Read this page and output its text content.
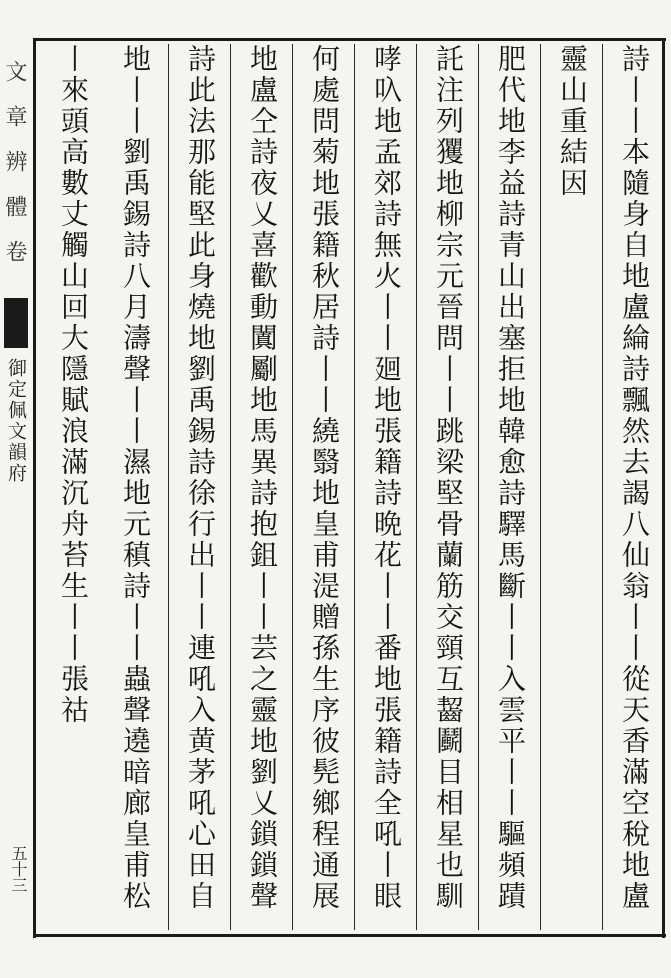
文 章 辨 體 卷
御定佩文韻府
五十三
詩丨丨本隨身自地盧綸詩飄然去謁八仙翁丨丨從天香滿空稅地盧
靈山重結因
肥代地李益詩青山出塞拒地韓愈詩驛馬斷丨丨入雲平丨丨驅頻蹟
託注列玃地柳宗元晉問丨丨跳梁堅骨蘭筋交頸互齧鬬目相星也馴
哮叺地孟郊詩無火丨丨廻地張籍詩晩花丨丨番地張籍詩全吼丨眼
何處問菊地張籍秋居詩丨丨繞翳地皇甫湜贈孫生序彼髡鄉程通展
地盧仝詩夜乂喜歡動闐劚地馬異詩抱鉏丨丨芸之靈地劉乂鎖鎖聲
詩此法那能堅此身燒地劉禹錫詩徐行出丨丨連吼入黄茅吼心田自
地丨丨劉禹錫詩八月濤聲丨丨濕地元稹詩丨丨蟲聲遶暗廊皇甫松丨來頭高數丈觸山回大隱賦浪滿沉舟苔生丨丨張祜
